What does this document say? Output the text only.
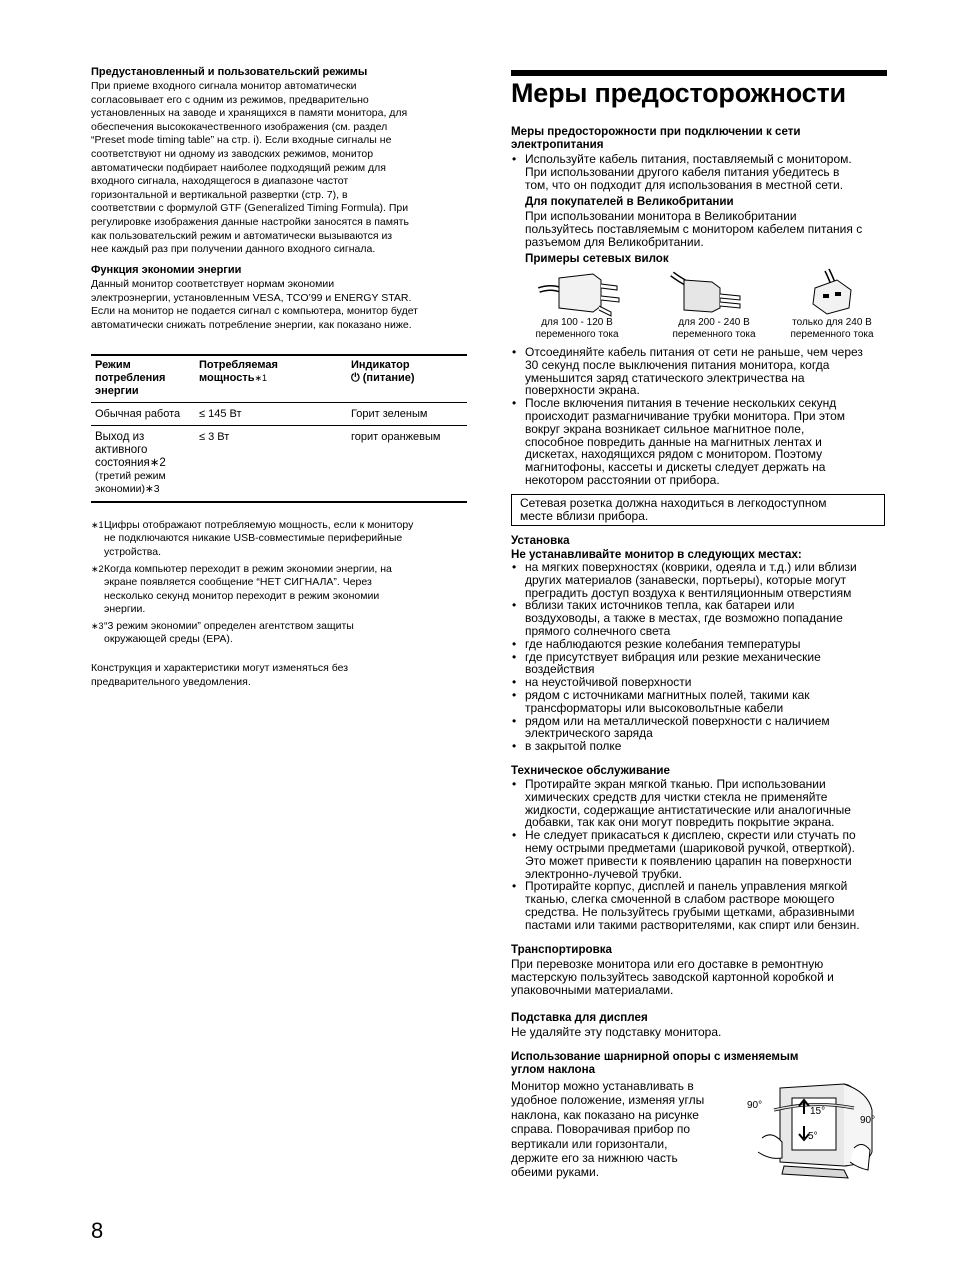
Предустановленный и пользовательский режимы
При приеме входного сигнала монитор автоматически
согласовывает его с одним из режимов, предварительно
установленных на заводе и хранящихся в памяти монитора, для
обеспечения высококачественного изображения (см. раздел
“Preset mode timing table” на стр. i). Если входные сигналы не
соответствуют ни одному из заводских режимов, монитор
автоматически подбирает наиболее подходящий режим для
входного сигнала, находящегося в диапазоне частот
горизонтальной и вертикальной развертки (стр. 7), в
соответствии с формулой GTF (Generalized Timing Formula). При
регулировке изображения данные настройки заносятся в память
как пользовательский режим и автоматически вызываются из
нее каждый раз при получении данного входного сигнала.
Функция экономии энергии
Данный монитор соответствует нормам экономии
электроэнергии, установленным VESA, TCO’99 и ENERGY STAR.
Если на монитор не подается сигнал с компьютера, монитор будет
автоматически снижать потребление энергии, как показано ниже.
Режим
потребления
энергии
Потребляемая
мощность$^{∗1}$
Индикатор
⏻ (питание)
Обычная работа ≤ 145 Вт	Горит зеленым
Выход из
активного
состояния∗2
(третий режим
экономии)∗3
≤ 3 Вт	горит оранжевым
∗1 Цифры отображают потребляемую мощность, если к монитору
не подключаются никакие USB-совместимые периферийные
устройства.
∗2 Когда компьютер переходит в режим экономии энергии, на
экране появляется сообщение “НЕТ СИГНАЛА”. Через
несколько секунд монитор переходит в режим экономии
энергии.
∗3 “3 режим экономии” определен агентством защиты
окружающей среды (EPA).
Конструкция и характеристики могут изменяться без
предварительного уведомления.
Меры предосторожности
Меры предосторожности при подключении к сети
электропитания
• Используйте кабель питания, поставляемый с монитором.
При использовании другого кабеля питания убедитесь в
том, что он подходит для использования в местной сети.
Для покупателей в Великобритании
При использовании монитора в Великобритании
пользуйтесь поставляемым с монитором кабелем питания с
разъемом для Великобритании.
Примеры сетевых вилок
для 100 - 120 В
переменного тока
для 200 - 240 В
переменного тока
только для 240 В
переменного тока
• Отсоединяйте кабель питания от сети не раньше, чем через
30 секунд после выключения питания монитора, когда
уменьшится заряд статического электричества на
поверхности экрана.
• После включения питания в течение нескольких секунд
происходит размагничивание трубки монитора. При этом
вокруг экрана возникает сильное магнитное поле,
способное повредить данные на магнитных лентах и
дискетах, находящихся рядом с монитором. Поэтому
магнитофоны, кассеты и дискеты следует держать на
некотором расстоянии от прибора.
Сетевая розетка должна находиться в легкодоступном
месте вблизи прибора.
Установка
Не устанавливайте монитор в следующих местах:
• на мягких поверхностях (коврики, одеяла и т.д.) или вблизи
других материалов (занавески, портьеры), которые могут
преградить доступ воздуха к вентиляционным отверстиям
• вблизи таких источников тепла, как батареи или
воздуховоды, а также в местах, где возможно попадание
прямого солнечного света
• где наблюдаются резкие колебания температуры
• где присутствует вибрация или резкие механические
воздействия
• на неустойчивой поверхности
• рядом с источниками магнитных полей, такими как
трансформаторы или высоковольтные кабели
• рядом или на металлической поверхности с наличием
электрического заряда
• в закрытой полке
Техническое обслуживание
• Протирайте экран мягкой тканью. При использовании
химических средств для чистки стекла не применяйте
жидкости, содержащие антистатические или аналогичные
добавки, так как они могут повредить покрытие экрана.
• Не следует прикасаться к дисплею, скрести или стучать по
нему острыми предметами (шариковой ручкой, отверткой).
Это может привести к появлению царапин на поверхности
электронно-лучевой трубки.
• Протирайте корпус, дисплей и панель управления мягкой
тканью, слегка смоченной в слабом растворе моющего
средства. Не пользуйтесь грубыми щетками, абразивными
пастами или такими растворителями, как спирт или бензин.
Транспортировка
При перевозке монитора или его доставке в ремонтную
мастерскую пользуйтесь заводской картонной коробкой и
упаковочными материалами.
Подставка для дисплея
Не удаляйте эту подставку монитора.
Использование шарнирной опоры с изменяемым
углом наклона
Монитор можно устанавливать в
удобное положение, изменяя углы
наклона, как показано на рисунке
справа. Поворачивая прибор по
вертикали или горизонтали,
держите его за нижнюю часть
обеими руками.
90°
15°
5°
90°
8
